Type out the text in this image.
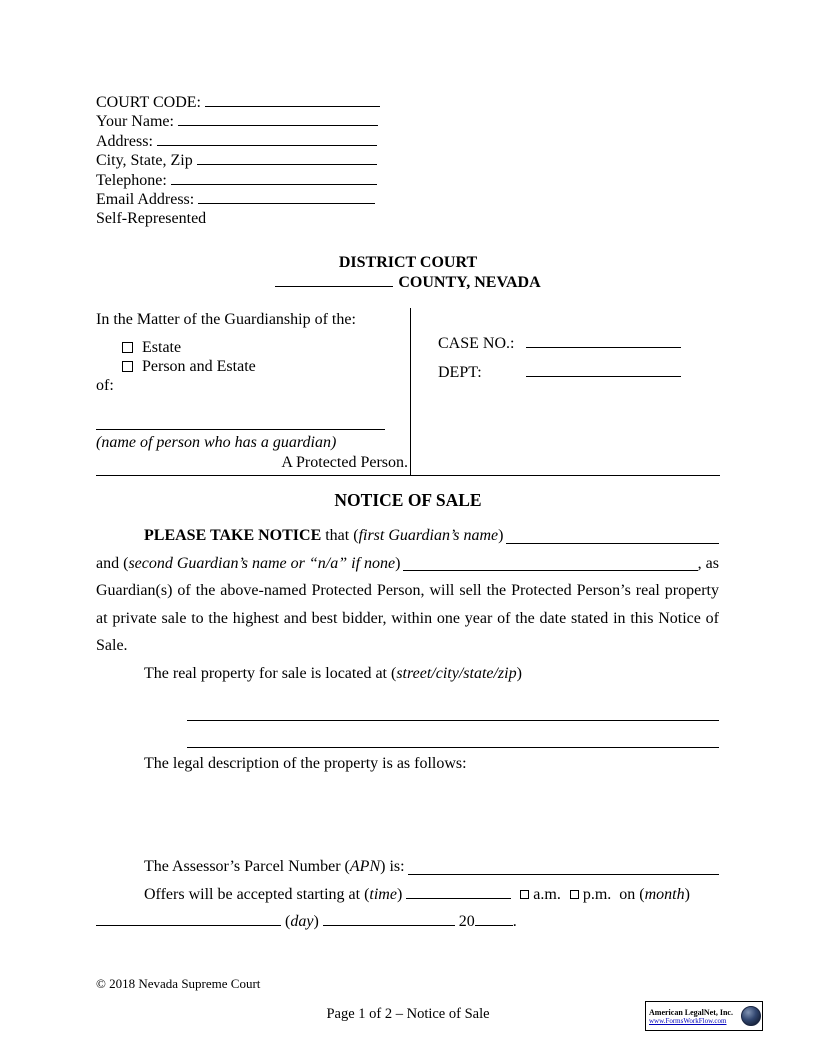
COURT CODE:
Your Name:
Address:
City, State, Zip
Telephone:
Email Address:
Self-Represented
DISTRICT COURT
COUNTY, NEVADA
In the Matter of the Guardianship of the:
Estate
Person and Estate
of:
(name of person who has a guardian)
A Protected Person.
CASE NO.:
DEPT:
NOTICE OF SALE
PLEASE TAKE NOTICE that (first Guardian’s name)
and (second Guardian’s name or “n/a” if none)	, as
Guardian(s) of the above-named Protected Person, will sell the Protected Person’s real property
at private sale to the highest and best bidder, within one year of the date stated in this Notice of
Sale.
The real property for sale is located at (street/city/state/zip)
The legal description of the property is as follows:
The Assessor’s Parcel Number (APN) is:
Offers will be accepted starting at (time)	a.m. p.m. on (month)
(day)	20 .
© 2018 Nevada Supreme Court
Page 1 of 2 – Notice of Sale	American LegalNet, Inc.
www.FormsWorkFlow.com
